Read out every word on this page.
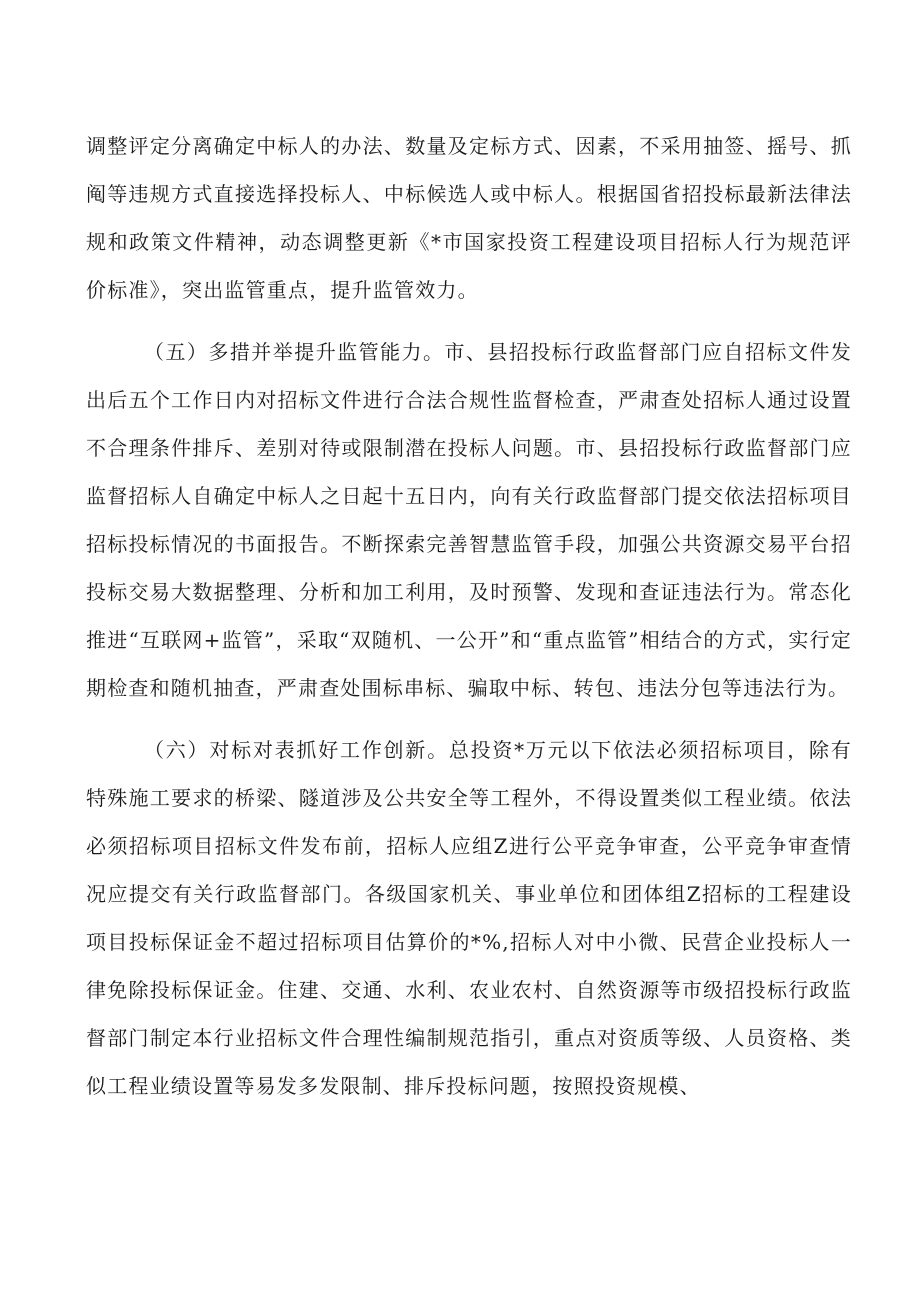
调整评定分离确定中标人的办法、数量及定标方式、因素，不采用抽签、摇号、抓阄等违规方式直接选择投标人、中标候选人或中标人。根据国省招投标最新法律法规和政策文件精神，动态调整更新《*市国家投资工程建设项目招标人行为规范评价标准》，突出监管重点，提升监管效力。

（五）多措并举提升监管能力。市、县招投标行政监督部门应自招标文件发出后五个工作日内对招标文件进行合法合规性监督检查，严肃查处招标人通过设置不合理条件排斥、差别对待或限制潜在投标人问题。市、县招投标行政监督部门应监督招标人自确定中标人之日起十五日内，向有关行政监督部门提交依法招标项目招标投标情况的书面报告。不断探索完善智慧监管手段，加强公共资源交易平台招投标交易大数据整理、分析和加工利用，及时预警、发现和查证违法行为。常态化推进“互联网+监管”，采取“双随机、一公开”和“重点监管”相结合的方式，实行定期检查和随机抽查，严肃查处围标串标、骗取中标、转包、违法分包等违法行为。

（六）对标对表抓好工作创新。总投资*万元以下依法必须招标项目，除有特殊施工要求的桥梁、隧道涉及公共安全等工程外，不得设置类似工程业绩。依法必须招标项目招标文件发布前，招标人应组Z进行公平竞争审查，公平竞争审查情况应提交有关行政监督部门。各级国家机关、事业单位和团体组Z招标的工程建设项目投标保证金不超过招标项目估算价的*%,招标人对中小微、民营企业投标人一律免除投标保证金。住建、交通、水利、农业农村、自然资源等市级招投标行政监督部门制定本行业招标文件合理性编制规范指引，重点对资质等级、人员资格、类似工程业绩设置等易发多发限制、排斥投标问题，按照投资规模、
